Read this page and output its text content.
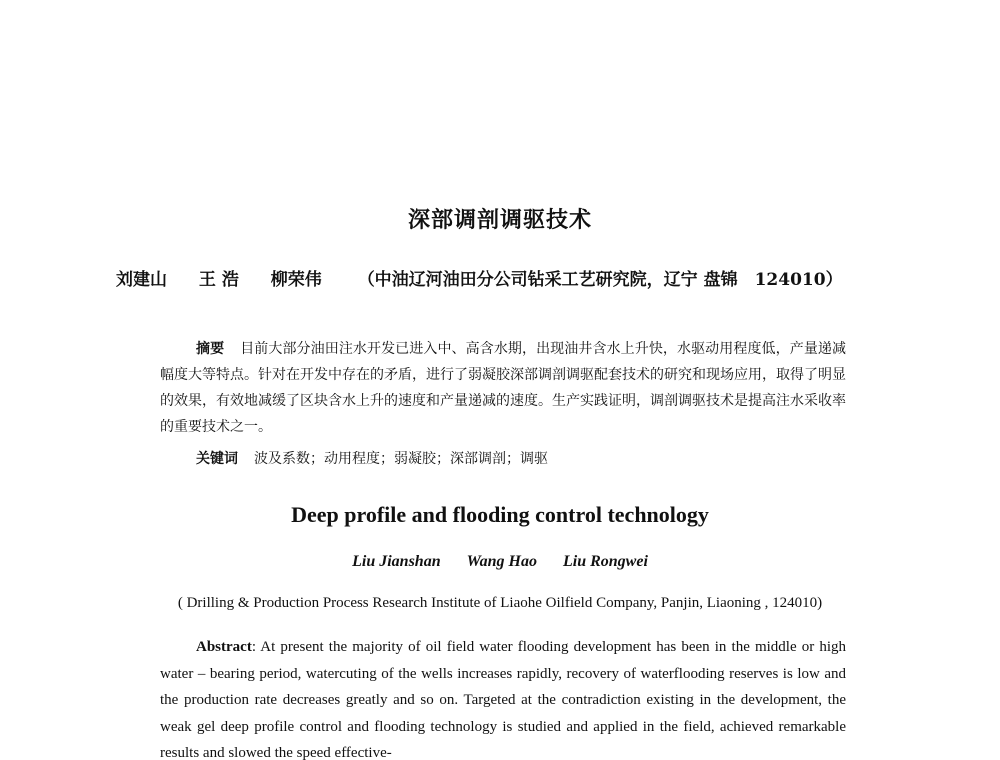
深部调剖调驱技术
刘建山 王 浩 柳荣伟 （中油辽河油田分公司钻采工艺研究院，辽宁 盘锦　124010）
摘要 目前大部分油田注水开发已进入中、高含水期，出现油井含水上升快，水驱动用程度低，产量递减幅度大等特点。针对在开发中存在的矛盾，进行了弱凝胶深部调剖调驱配套技术的研究和现场应用，取得了明显的效果，有效地减缓了区块含水上升的速度和产量递减的速度。生产实践证明，调剖调驱技术是提高注水采收率的重要技术之一。
关键词 波及系数；动用程度；弱凝胶；深部调剖；调驱
Deep profile and flooding control technology
Liu Jianshan Wang Hao Liu Rongwei
( Drilling & Production Process Research Institute of Liaohe Oilfield Company, Panjin, Liaoning , 124010)
Abstract: At present the majority of oil field water flooding development has been in the middle or high water – bearing period, watercuting of the wells increases rapidly, recovery of waterflooding reserves is low and the production rate decreases greatly and so on. Targeted at the contradiction existing in the development, the weak gel deep profile control and flooding technology is studied and applied in the field, achieved remarkable results and slowed the speed effective-
